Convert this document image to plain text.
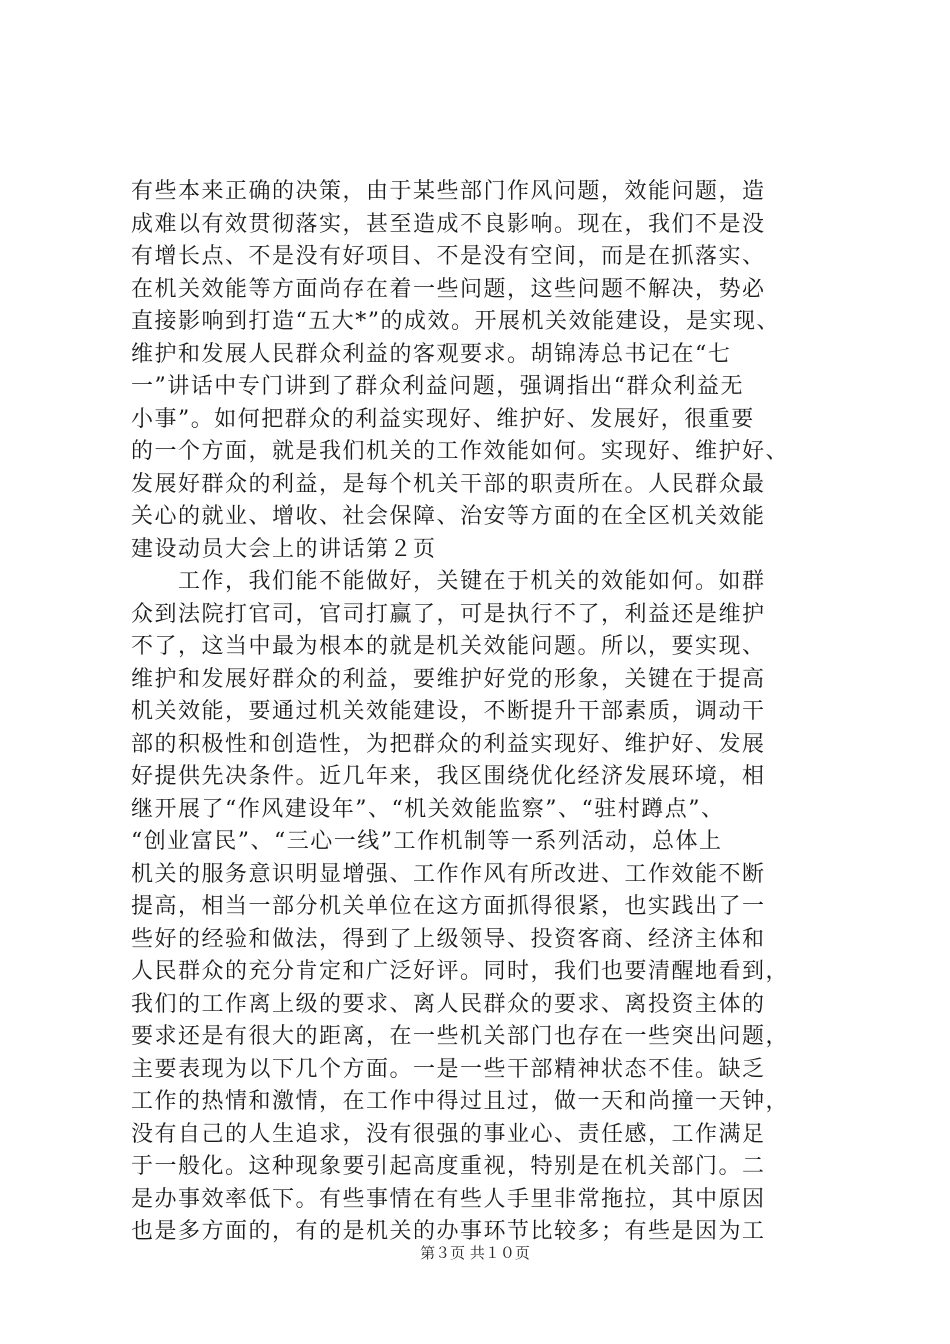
有些本来正确的决策，由于某些部门作风问题，效能问题，造
成难以有效贯彻落实，甚至造成不良影响。现在，我们不是没
有增长点、不是没有好项目、不是没有空间，而是在抓落实、
在机关效能等方面尚存在着一些问题，这些问题不解决，势必
直接影响到打造“五大*”的成效。开展机关效能建设，是实现、
维护和发展人民群众利益的客观要求。胡锦涛总书记在“七
一”讲话中专门讲到了群众利益问题，强调指出“群众利益无
小事”。如何把群众的利益实现好、维护好、发展好，很重要
的一个方面，就是我们机关的工作效能如何。实现好、维护好、
发展好群众的利益，是每个机关干部的职责所在。人民群众最
关心的就业、增收、社会保障、治安等方面的在全区机关效能
建设动员大会上的讲话第２页
　　工作，我们能不能做好，关键在于机关的效能如何。如群
众到法院打官司，官司打赢了，可是执行不了，利益还是维护
不了，这当中最为根本的就是机关效能问题。所以，要实现、
维护和发展好群众的利益，要维护好党的形象，关键在于提高
机关效能，要通过机关效能建设，不断提升干部素质，调动干
部的积极性和创造性，为把群众的利益实现好、维护好、发展
好提供先决条件。近几年来，我区围绕优化经济发展环境，相
继开展了“作风建设年”、“机关效能监察”、“驻村蹲点”、
“创业富民”、“三心一线”工作机制等一系列活动，总体上
机关的服务意识明显增强、工作作风有所改进、工作效能不断
提高，相当一部分机关单位在这方面抓得很紧，也实践出了一
些好的经验和做法，得到了上级领导、投资客商、经济主体和
人民群众的充分肯定和广泛好评。同时，我们也要清醒地看到，
我们的工作离上级的要求、离人民群众的要求、离投资主体的
要求还是有很大的距离，在一些机关部门也存在一些突出问题，
主要表现为以下几个方面。一是一些干部精神状态不佳。缺乏
工作的热情和激情，在工作中得过且过，做一天和尚撞一天钟，
没有自己的人生追求，没有很强的事业心、责任感，工作满足
于一般化。这种现象要引起高度重视，特别是在机关部门。二
是办事效率低下。有些事情在有些人手里非常拖拉，其中原因
也是多方面的，有的是机关的办事环节比较多；有些是因为工
第３页 共１０页
